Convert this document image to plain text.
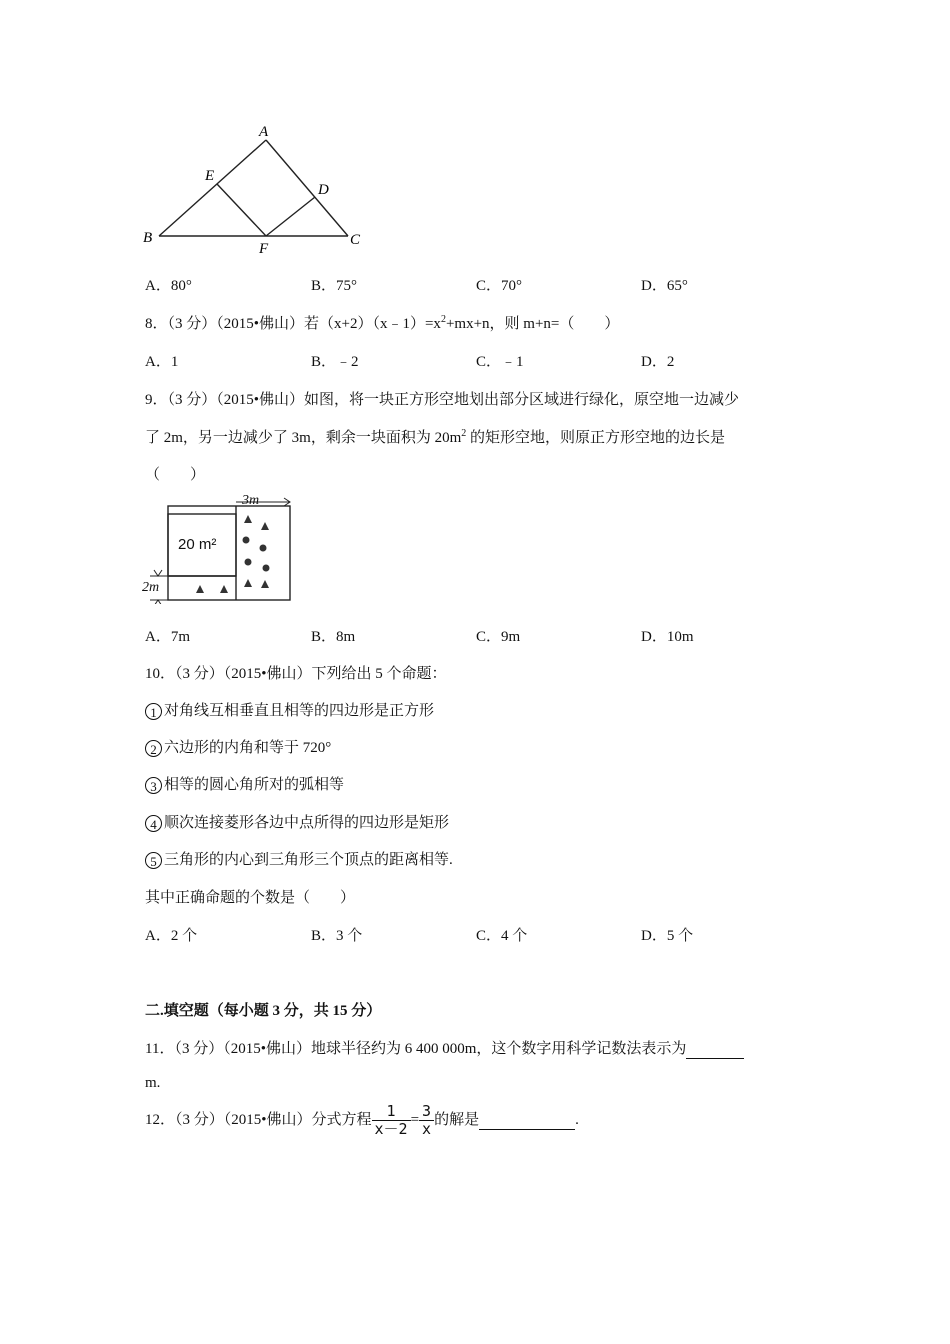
A
B	C
D
E
F
A．80°	B．75°	C．70°	D．65°
8．（3 分）（2015•佛山）若$(x+2)(x﹣1)=x^2+mx+n$，则 m+n=（　　）
A．1	B．﹣2	C．﹣1	D．2
9．（3 分）（2015•佛山）如图，将一块正方形空地划出部分区域进行绿化，原空地一边减少
了 2m，另一边减少了 3m，剩余一块面积为 $20m^2$ 的矩形空地，则原正方形空地的边长是
（　　）
20 m²
3m
2m
A．7m	B．8m	C．9m	D．10m
10．（3 分）（2015•佛山）下列给出 5 个命题：
1 对角线互相垂直且相等的四边形是正方形
2 六边形的内角和等于 720°
3 相等的圆心角所对的弧相等
4 顺次连接菱形各边中点所得的四边形是矩形
5 三角形的内心到三角形三个顶点的距离相等.
其中正确命题的个数是（　　）
A．2 个	B．3 个	C．4 个	D．5 个
二.填空题（每小题 3 分，共 15 分）
11．（3 分）（2015•佛山）地球半径约为 6 400 000m，这个数字用科学记数法表示为
m.
12．（3 分）（2015•佛山）分式方程 $\frac{1}{x-2} = \frac{3}{x}$ 的解是	.
